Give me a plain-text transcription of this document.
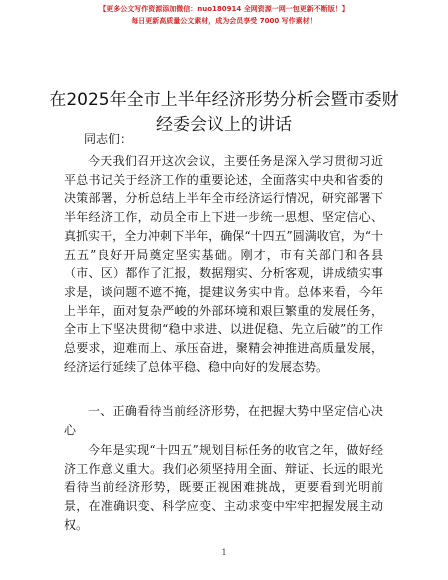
【更多公文写作资源添加微信：nuo180914 全网资源一网一包更新不断版！】
每日更新高质量公文素材，成为会员享受 7000 写作素材！
在2025年全市上半年经济形势分析会暨市委财
经委会议上的讲话
同志们：
今天我们召开这次会议，主要任务是深入学习贯彻习近平总书记关于经济工作的重要论述，全面落实中央和省委的决策部署，分析总结上半年全市经济运行情况，研究部署下半年经济工作，动员全市上下进一步统一思想、坚定信心、真抓实干，全力冲刺下半年，确保“十四五”圆满收官，为“十五五”良好开局奠定坚实基础。刚才，市有关部门和各县（市、区）都作了汇报，数据翔实、分析客观，讲成绩实事求是，谈问题不遮不掩，提建议务实中肯。总体来看，今年上半年，面对复杂严峻的外部环境和艰巨繁重的发展任务，全市上下坚决贯彻“稳中求进、以进促稳、先立后破”的工作总要求，迎难而上、承压奋进，聚精会神推进高质量发展，经济运行延续了总体平稳、稳中向好的发展态势。
一、正确看待当前经济形势，在把握大势中坚定信心决心
今年是实现“十四五”规划目标任务的收官之年，做好经济工作意义重大。我们必须坚持用全面、辩证、长远的眼光看待当前经济形势，既要正视困难挑战，更要看到光明前景，在准确识变、科学应变、主动求变中牢牢把握发展主动权。
1
